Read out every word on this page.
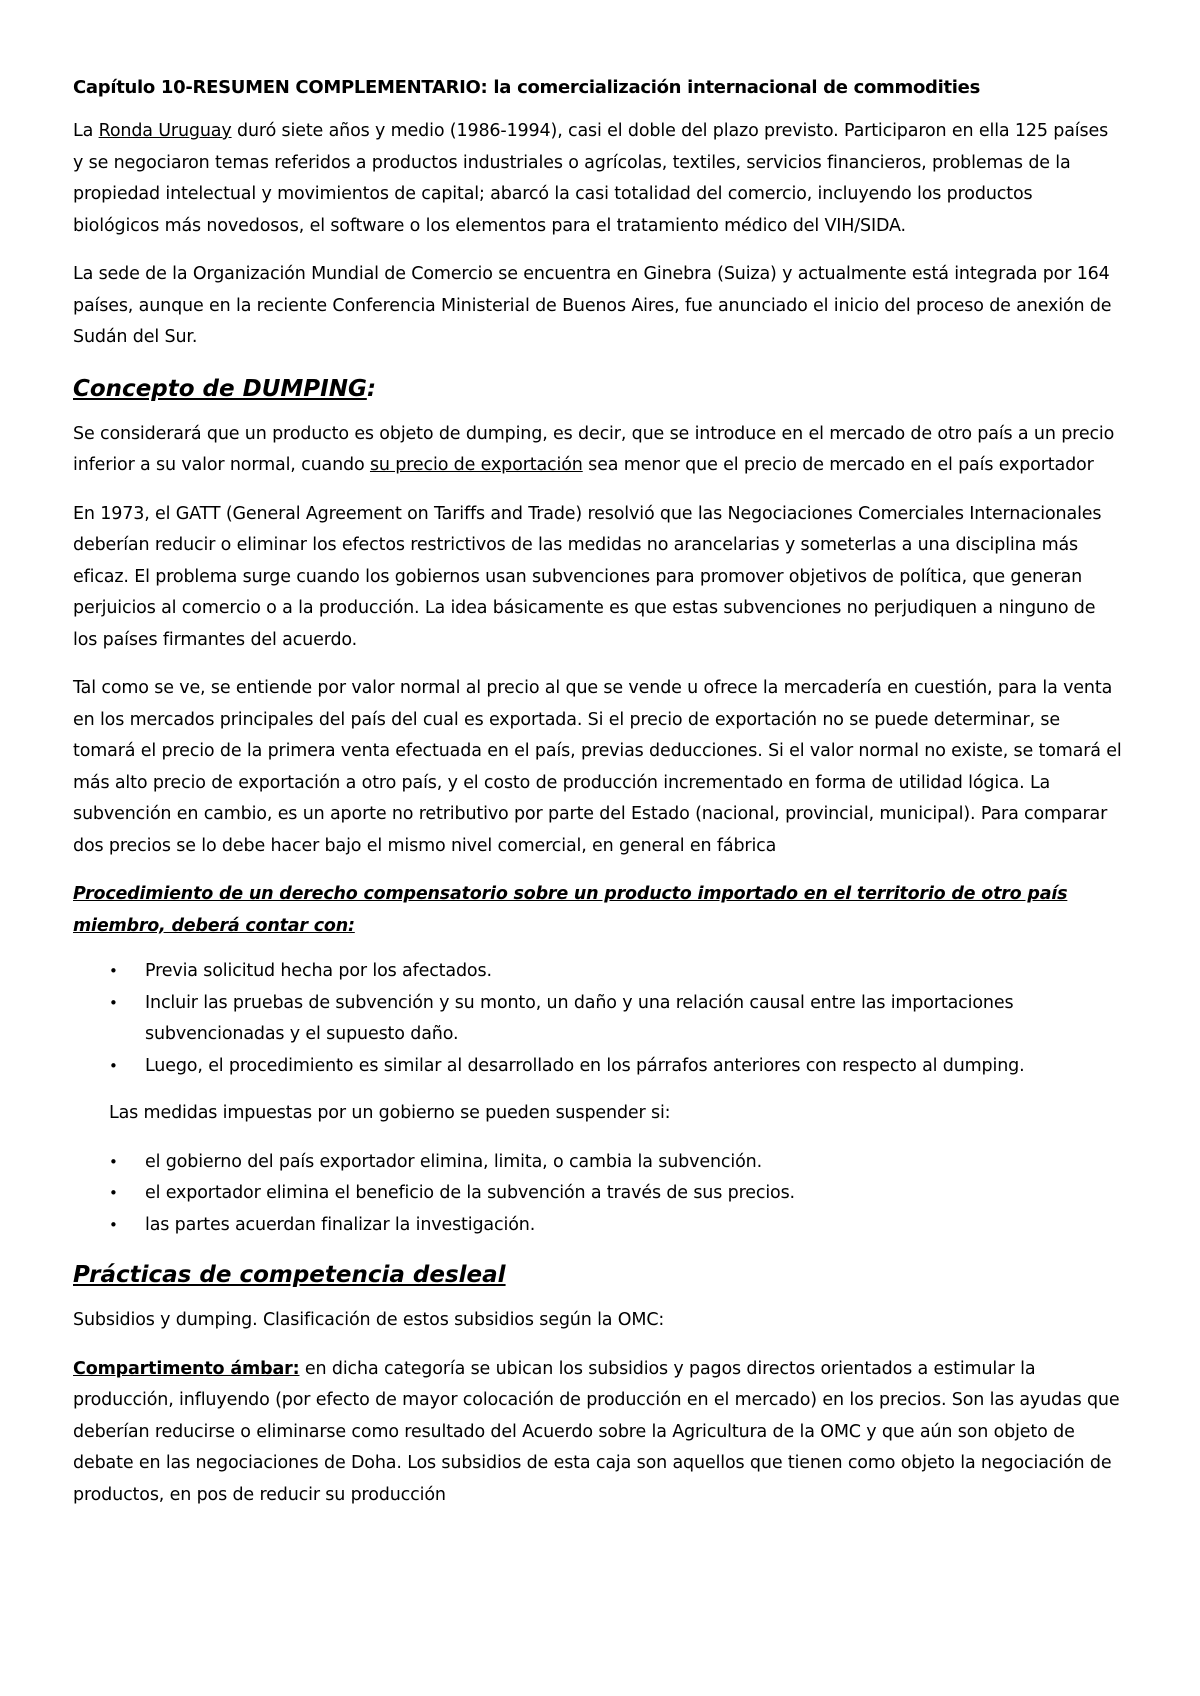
Capítulo 10-RESUMEN COMPLEMENTARIO: la comercialización internacional de commodities

La Ronda Uruguay duró siete años y medio (1986-1994), casi el doble del plazo previsto. Participaron en ella 125 países y se negociaron temas referidos a productos industriales o agrícolas, textiles, servicios financieros, problemas de la propiedad intelectual y movimientos de capital; abarcó la casi totalidad del comercio, incluyendo los productos biológicos más novedosos, el software o los elementos para el tratamiento médico del VIH/SIDA.

La sede de la Organización Mundial de Comercio se encuentra en Ginebra (Suiza) y actualmente está integrada por 164 países, aunque en la reciente Conferencia Ministerial de Buenos Aires, fue anunciado el inicio del proceso de anexión de Sudán del Sur.

Concepto de DUMPING:

Se considerará que un producto es objeto de dumping, es decir, que se introduce en el mercado de otro país a un precio inferior a su valor normal, cuando su precio de exportación sea menor que el precio de mercado en el país exportador

En 1973, el GATT (General Agreement on Tariffs and Trade) resolvió que las Negociaciones Comerciales Internacionales deberían reducir o eliminar los efectos restrictivos de las medidas no arancelarias y someterlas a una disciplina más eficaz. El problema surge cuando los gobiernos usan subvenciones para promover objetivos de política, que generan perjuicios al comercio o a la producción. La idea básicamente es que estas subvenciones no perjudiquen a ninguno de los países firmantes del acuerdo.

Tal como se ve, se entiende por valor normal al precio al que se vende u ofrece la mercadería en cuestión, para la venta en los mercados principales del país del cual es exportada. Si el precio de exportación no se puede determinar, se tomará el precio de la primera venta efectuada en el país, previas deducciones. Si el valor normal no existe, se tomará el más alto precio de exportación a otro país, y el costo de producción incrementado en forma de utilidad lógica. La subvención en cambio, es un aporte no retributivo por parte del Estado (nacional, provincial, municipal). Para comparar dos precios se lo debe hacer bajo el mismo nivel comercial, en general en fábrica

Procedimiento de un derecho compensatorio sobre un producto importado en el territorio de otro país miembro, deberá contar con:
• Previa solicitud hecha por los afectados.
• Incluir las pruebas de subvención y su monto, un daño y una relación causal entre las importaciones subvencionadas y el supuesto daño.
• Luego, el procedimiento es similar al desarrollado en los párrafos anteriores con respecto al dumping.

Las medidas impuestas por un gobierno se pueden suspender si:

• el gobierno del país exportador elimina, limita, o cambia la subvención.
• el exportador elimina el beneficio de la subvención a través de sus precios.
• las partes acuerdan finalizar la investigación.
Prácticas de competencia desleal

Subsidios y dumping. Clasificación de estos subsidios según la OMC:

Compartimento ámbar: en dicha categoría se ubican los subsidios y pagos directos orientados a estimular la producción, influyendo (por efecto de mayor colocación de producción en el mercado) en los precios. Son las ayudas que deberían reducirse o eliminarse como resultado del Acuerdo sobre la Agricultura de la OMC y que aún son objeto de debate en las negociaciones de Doha. Los subsidios de esta caja son aquellos que tienen como objeto la negociación de productos, en pos de reducir su producción
